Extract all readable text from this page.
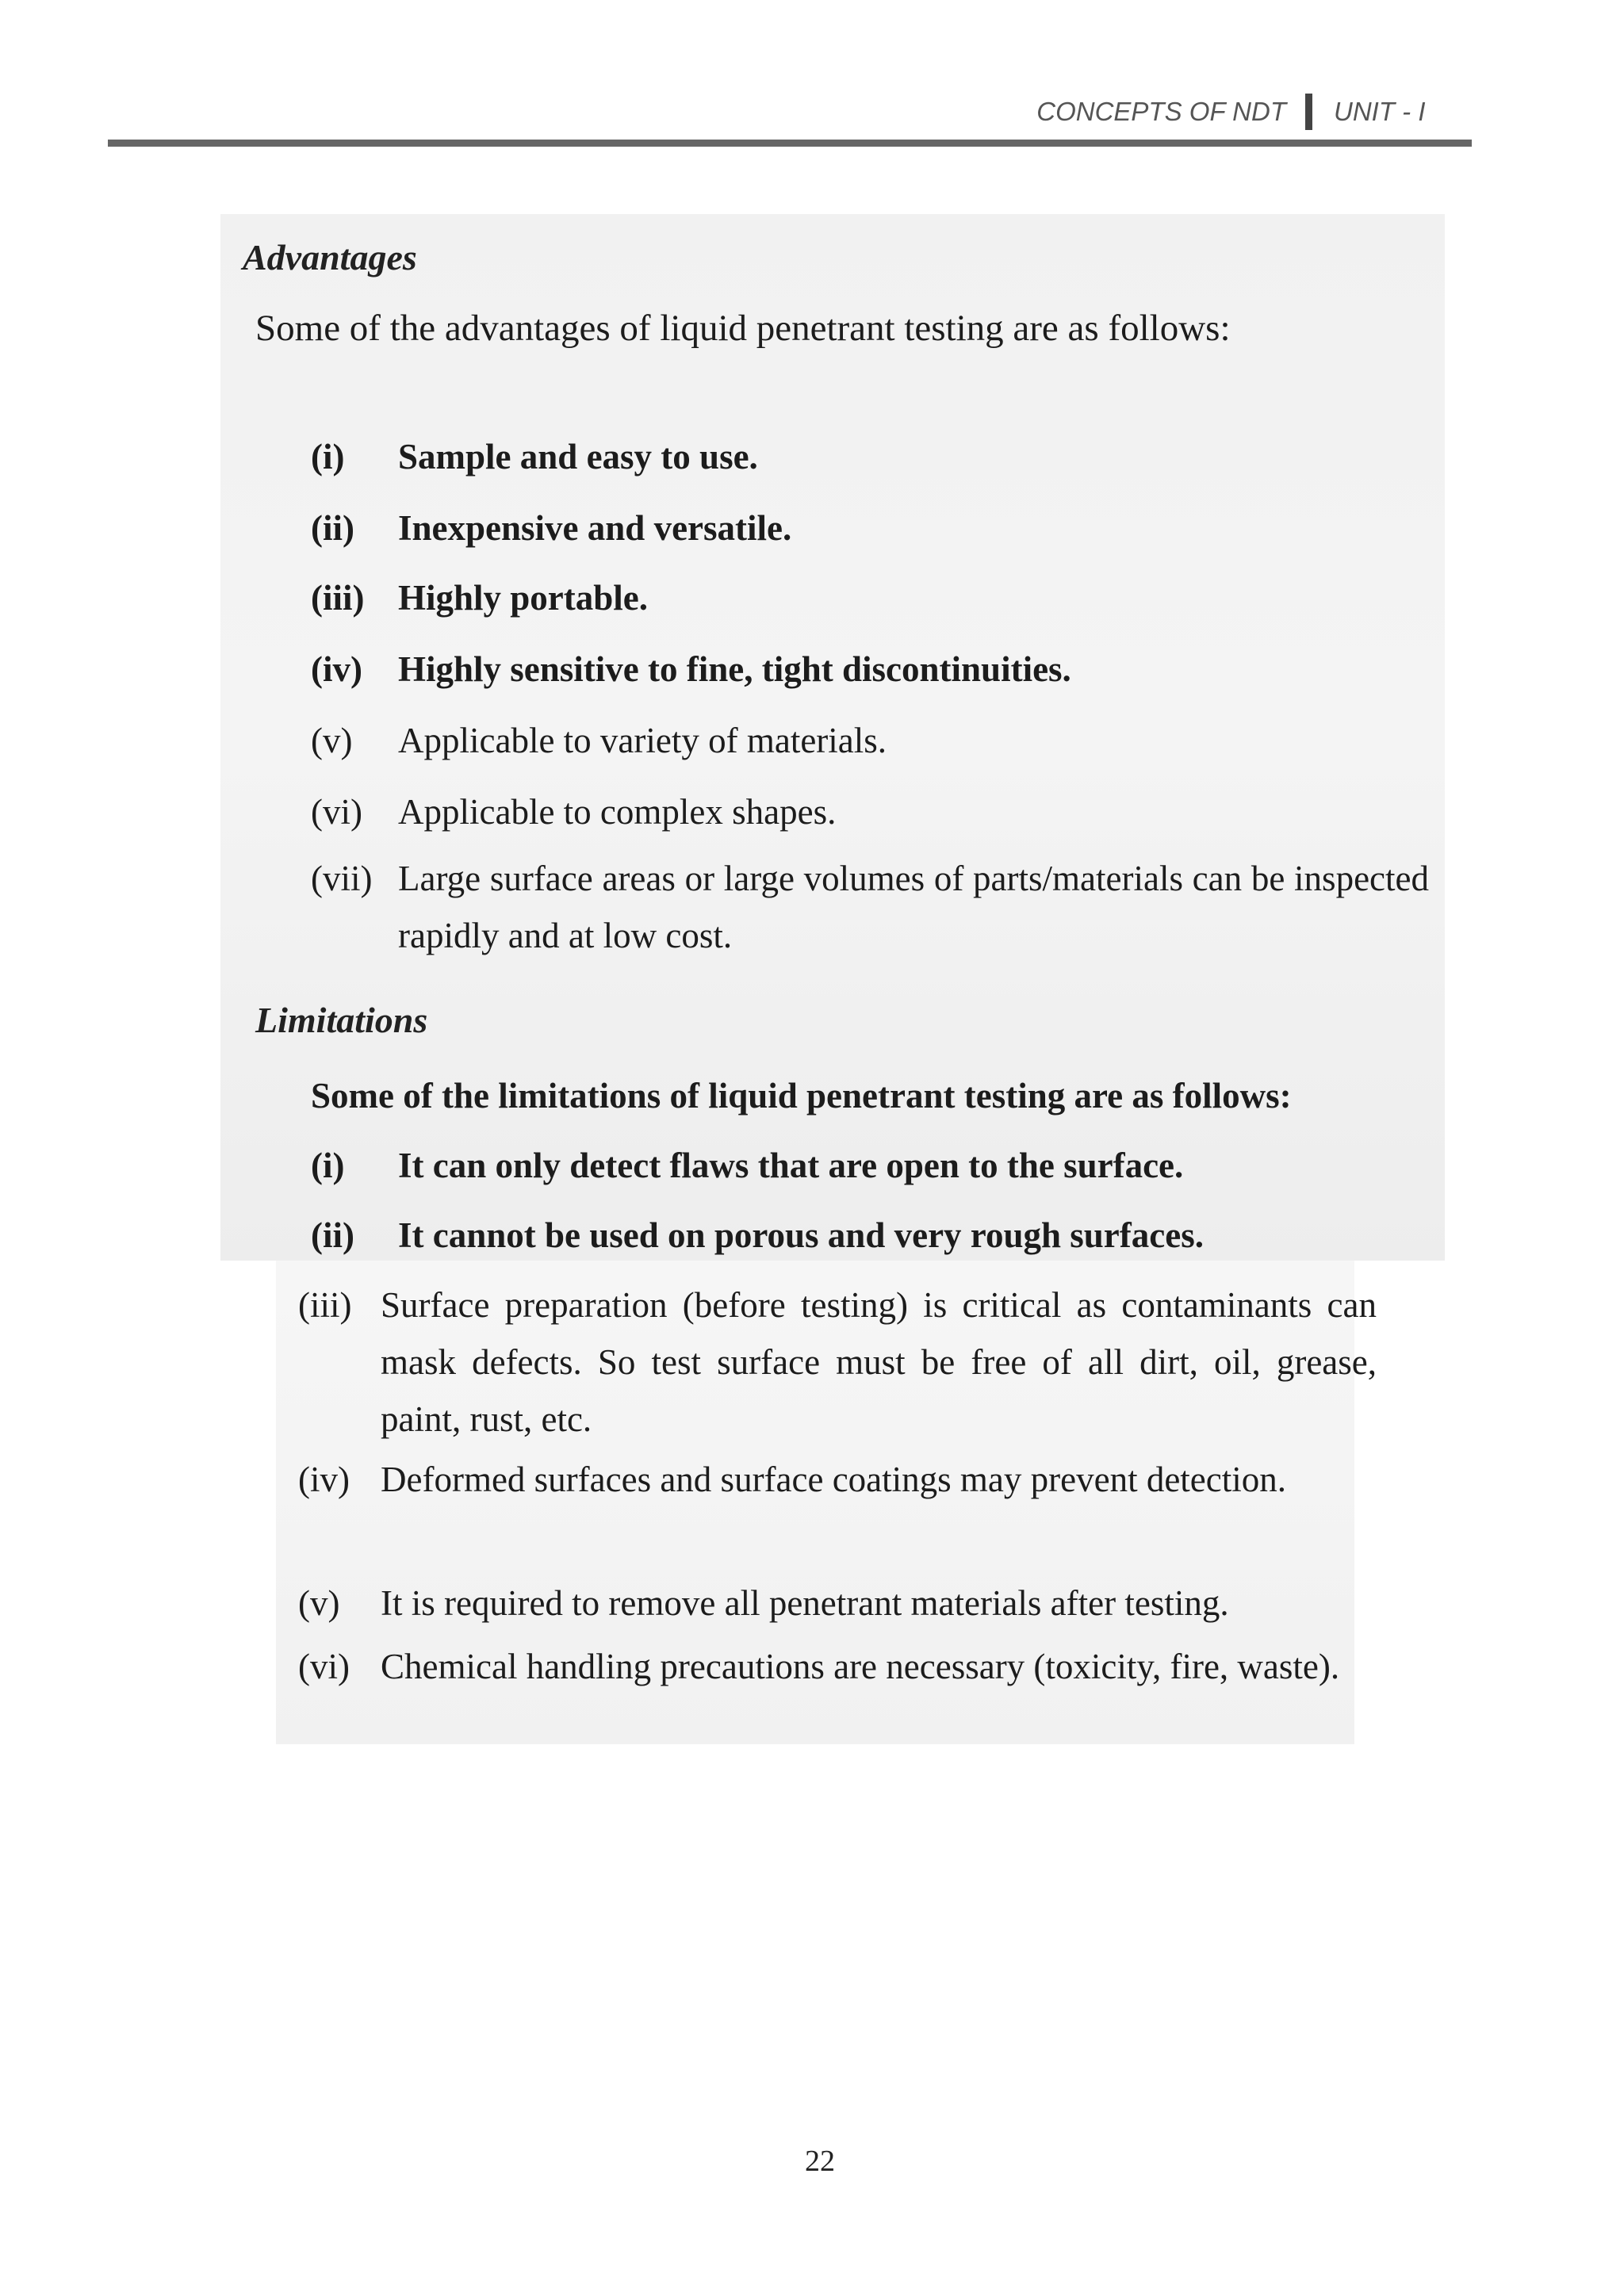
CONCEPTS OF NDT UNIT - I
Advantages
Some of the advantages of liquid penetrant testing are as follows:
(i) Sample and easy to use.
(ii) Inexpensive and versatile.
(iii) Highly portable.
(iv) Highly sensitive to fine, tight discontinuities.
(v) Applicable to variety of materials.
(vi) Applicable to complex shapes.
(vii) Large surface areas or large volumes of parts/materials can be inspected rapidly and at low cost.
Limitations
Some of the limitations of liquid penetrant testing are as follows:
(i) It can only detect flaws that are open to the surface.
(ii) It cannot be used on porous and very rough surfaces.
(iii) Surface preparation (before testing) is critical as contaminants can mask defects. So test surface must be free of all dirt, oil, grease, paint, rust, etc.
(iv) Deformed surfaces and surface coatings may prevent detection.
(v) It is required to remove all penetrant materials after testing.
(vi) Chemical handling precautions are necessary (toxicity, fire, waste).
22
